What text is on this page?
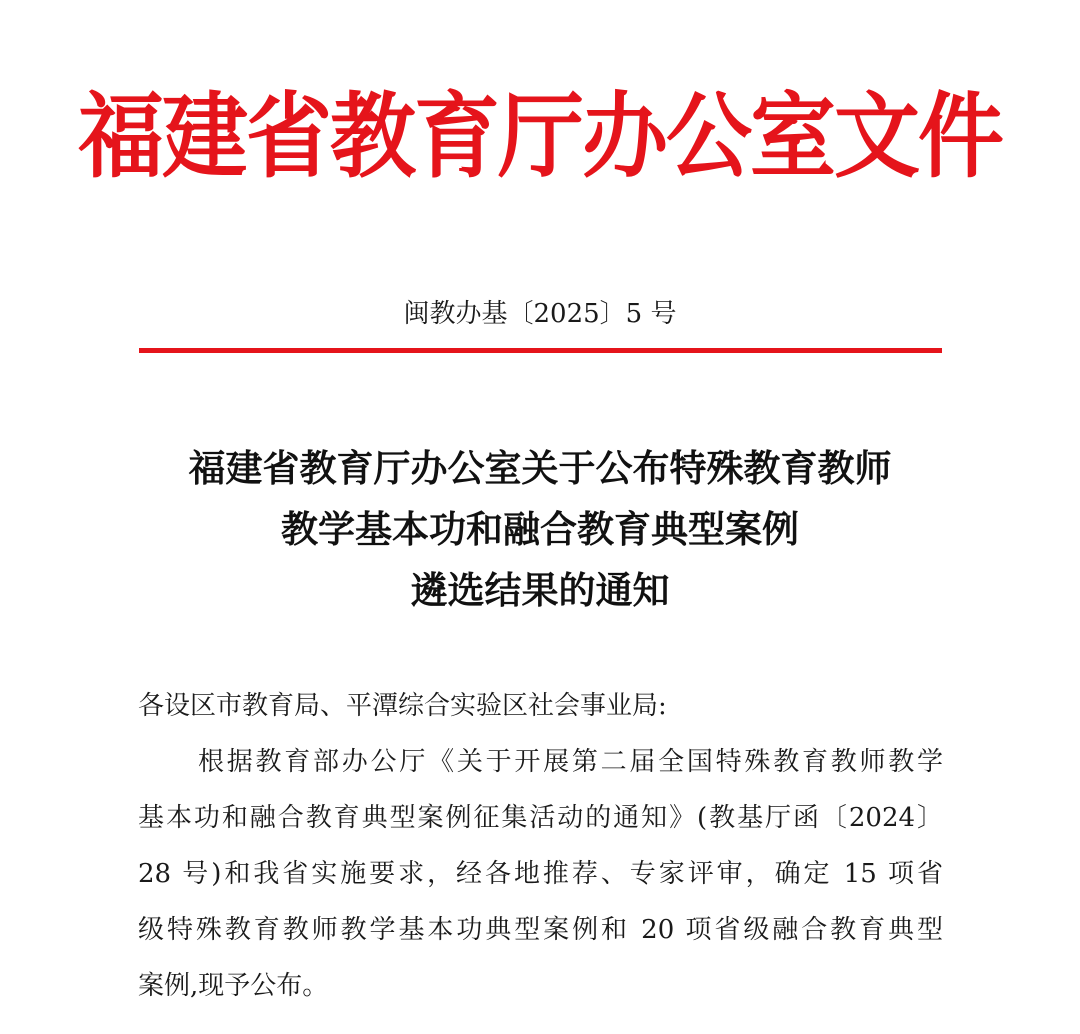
福建省教育厅办公室文件
闽教办基〔2025〕5 号
福建省教育厅办公室关于公布特殊教育教师
教学基本功和融合教育典型案例
遴选结果的通知
各设区市教育局、平潭综合实验区社会事业局:
根据教育部办公厅《关于开展第二届全国特殊教育教师教学
基本功和融合教育典型案例征集活动的通知》(教基厅函〔2024〕
28 号)和我省实施要求，经各地推荐、专家评审，确定 15 项省
级特殊教育教师教学基本功典型案例和 20 项省级融合教育典型
案例,现予公布。
